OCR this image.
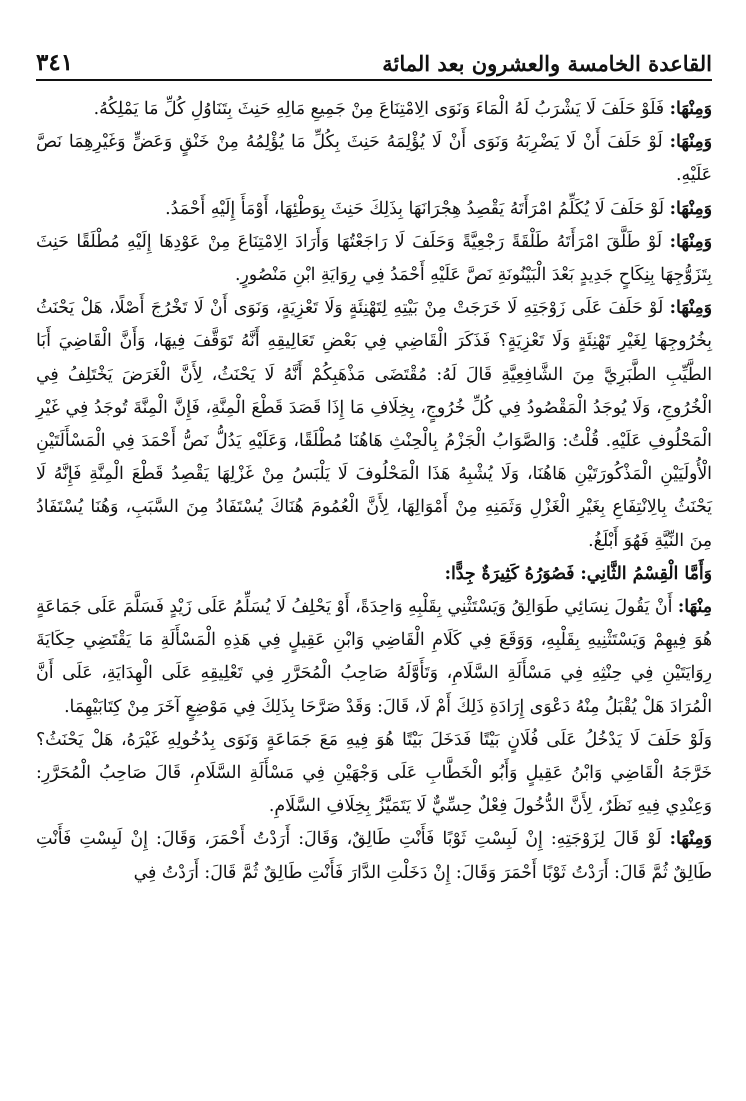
القاعدة الخامسة والعشرون بعد المائة
٣٤١

وَمِنْهَا: فَلَوْ حَلَفَ لَا يَشْرَبُ لَهُ الْمَاءَ وَنَوَى الِامْتِنَاعَ مِنْ جَمِيعِ مَالِهِ حَنِثَ بِتَنَاوُلِ كُلِّ مَا يَمْلِكُهُ.

وَمِنْهَا: لَوْ حَلَفَ أَنْ لَا يَضْرِبَهُ وَنَوَى أَنْ لَا يُؤْلِمَهُ حَنِثَ بِكُلِّ مَا يُؤْلِمُهُ مِنْ خَنْقٍ وَعَضٍّ وَغَيْرِهِمَا نَصَّ عَلَيْهِ.

وَمِنْهَا: لَوْ حَلَفَ لَا يُكَلِّمُ امْرَأَتَهُ يَقْصِدُ هِجْرَانَهَا بِذَلِكَ حَنِثَ بِوَطْئِهَا، أَوْمَأَ إِلَيْهِ أَحْمَدُ.

وَمِنْهَا: لَوْ طَلَّقَ امْرَأَتَهُ طَلْقَةً رَجْعِيَّةً وَحَلَفَ لَا رَاجَعْتُهَا وَأَرَادَ الِامْتِنَاعَ مِنْ عَوْدِهَا إِلَيْهِ مُطْلَقًا حَنِثَ بِتَزَوُّجِهَا بِنِكَاحٍ جَدِيدٍ بَعْدَ الْبَيْنُونَةِ نَصَّ عَلَيْهِ أَحْمَدُ فِي رِوَايَةِ ابْنِ مَنْصُورٍ.

وَمِنْهَا: لَوْ حَلَفَ عَلَى زَوْجَتِهِ لَا خَرَجَتْ مِنْ بَيْتِهِ لِتَهْنِئَةٍ وَلَا تَعْزِيَةٍ، وَنَوَى أَنْ لَا تَخْرُجَ أَصْلًا، هَلْ يَحْنَثُ بِخُرُوجِهَا لِغَيْرِ تَهْنِئَةٍ وَلَا تَعْزِيَةٍ؟ فَذَكَرَ الْقَاضِي فِي بَعْضِ تَعَالِيقِهِ أَنَّهُ تَوَقَّفَ فِيهَا، وَأَنَّ الْقَاضِيَ أَبَا الطَّيِّبِ الطَّبَرِيَّ مِنَ الشَّافِعِيَّةِ قَالَ لَهُ: مُقْتَضَى مَذْهَبِكُمْ أَنَّهُ لَا يَحْنَثُ، لِأَنَّ الْغَرَضَ يَخْتَلِفُ فِي الْخُرُوجِ، وَلَا يُوجَدُ الْمَقْصُودُ فِي كُلِّ خُرُوجٍ، بِخِلَافِ مَا إِذَا قَصَدَ قَطْعَ الْمِنَّةِ، فَإِنَّ الْمِنَّةَ تُوجَدُ فِي غَيْرِ الْمَحْلُوفِ عَلَيْهِ. قُلْتُ: وَالصَّوَابُ الْجَزْمُ بِالْحِنْثِ هَاهُنَا مُطْلَقًا، وَعَلَيْهِ يَدُلُّ نَصُّ أَحْمَدَ فِي الْمَسْأَلَتَيْنِ الْأُولَيَيْنِ الْمَذْكُورَتَيْنِ هَاهُنَا، وَلَا يُشْبِهُ هَذَا الْمَحْلُوفَ لَا يَلْبَسُ مِنْ غَزْلِهَا يَقْصِدُ قَطْعَ الْمِنَّةِ فَإِنَّهُ لَا يَحْنَثُ بِالِانْتِفَاعِ بِغَيْرِ الْغَزْلِ وَثَمَنِهِ مِنْ أَمْوَالِهَا، لِأَنَّ الْعُمُومَ هُنَاكَ يُسْتَفَادُ مِنَ السَّبَبِ، وَهُنَا يُسْتَفَادُ مِنَ النِّيَّةِ فَهُوَ أَبْلَغُ.

وَأَمَّا الْقِسْمُ الثَّانِي: فَصُوَرُهُ كَثِيرَةٌ جِدًّا:

مِنْهَا: أَنْ يَقُولَ نِسَائِي طَوَالِقُ وَيَسْتَثْنِي بِقَلْبِهِ وَاحِدَةً، أَوْ يَحْلِفُ لَا يُسَلِّمُ عَلَى زَيْدٍ فَسَلَّمَ عَلَى جَمَاعَةٍ هُوَ فِيهِمْ وَيَسْتَثْنِيهِ بِقَلْبِهِ، وَوَقَعَ فِي كَلَامِ الْقَاضِي وَابْنِ عَقِيلٍ فِي هَذِهِ الْمَسْأَلَةِ مَا يَقْتَضِي حِكَايَةَ رِوَايَتَيْنِ فِي حِنْثِهِ فِي مَسْأَلَةِ السَّلَامِ، وَتَأَوَّلَهُ صَاحِبُ الْمُحَرَّرِ فِي تَعْلِيقِهِ عَلَى الْهِدَايَةِ، عَلَى أَنَّ الْمُرَادَ هَلْ يُقْبَلُ مِنْهُ دَعْوَى إِرَادَةِ ذَلِكَ أَمْ لَا، قَالَ: وَقَدْ صَرَّحَا بِذَلِكَ فِي مَوْضِعٍ آخَرَ مِنْ كِتَابَيْهِمَا.

وَلَوْ حَلَفَ لَا يَدْخُلُ عَلَى فُلَانٍ بَيْتًا فَدَخَلَ بَيْتًا هُوَ فِيهِ مَعَ جَمَاعَةٍ وَنَوَى بِدُخُولِهِ غَيْرَهُ، هَلْ يَحْنَثُ؟ خَرَّجَهُ الْقَاضِي وَابْنُ عَقِيلٍ وَأَبُو الْخَطَّابِ عَلَى وَجْهَيْنِ فِي مَسْأَلَةِ السَّلَامِ، قَالَ صَاحِبُ الْمُحَرَّرِ: وَعِنْدِي فِيهِ نَظَرٌ، لِأَنَّ الدُّخُولَ فِعْلٌ حِسِّيٌّ لَا يَتَمَيَّزُ بِخِلَافِ السَّلَامِ.

وَمِنْهَا: لَوْ قَالَ لِزَوْجَتِهِ: إِنْ لَبِسْتِ ثَوْبًا فَأَنْتِ طَالِقٌ، وَقَالَ: أَرَدْتُ أَحْمَرَ، وَقَالَ: إِنْ لَبِسْتِ فَأَنْتِ طَالِقٌ ثُمَّ قَالَ: أَرَدْتُ ثَوْبًا أَحْمَرَ وَقَالَ: إِنْ دَخَلْتِ الدَّارَ فَأَنْتِ طَالِقٌ ثُمَّ قَالَ: أَرَدْتُ فِي
